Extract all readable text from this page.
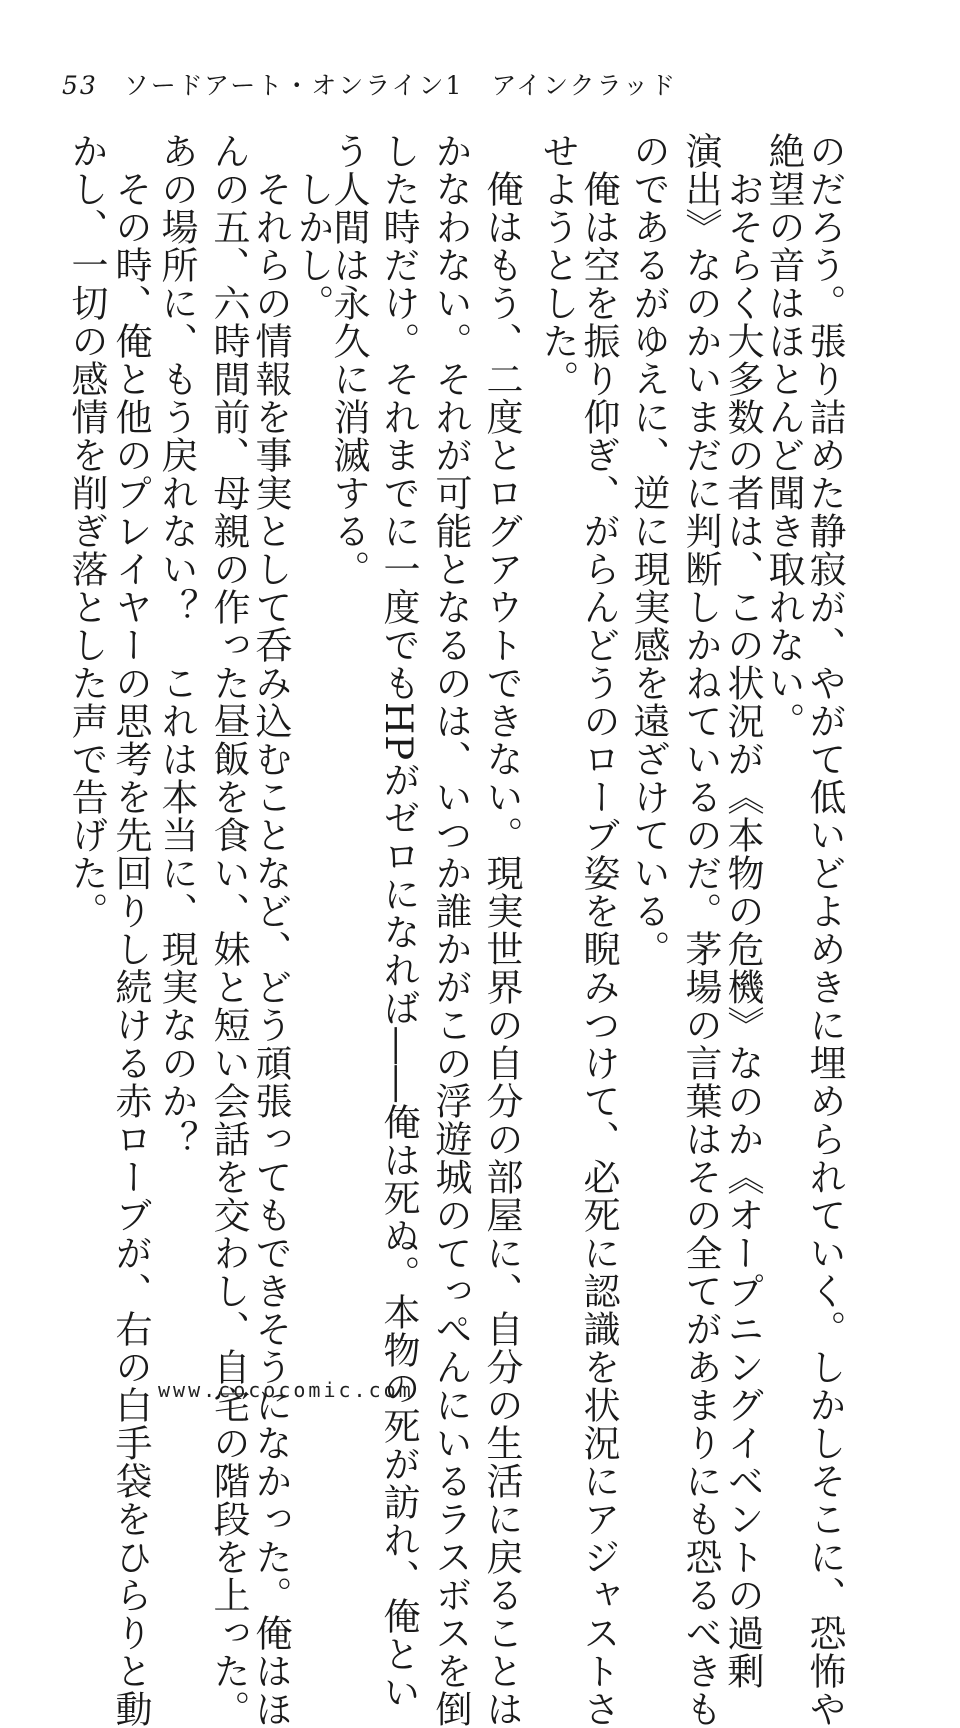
53 ソードアート・オンライン1 アインクラッド
のだろう。張り詰めた静寂が、やがて低いどよめきに埋められていく。しかしそこに、恐怖や
絶望の音はほとんど聞き取れない。
おそらく大多数の者は、この状況が《本物の危機》なのか《オープニングイベントの過剰
演出》なのかいまだに判断しかねているのだ。茅場の言葉はその全てがあまりにも恐るべきも
のであるがゆえに、逆に現実感を遠ざけている。
俺は空を振り仰ぎ、がらんどうのローブ姿を睨みつけて、必死に認識を状況にアジャストさ
せようとした。
俺はもう、二度とログアウトできない。現実世界の自分の部屋に、自分の生活に戻ることは
かなわない。それが可能となるのは、いつか誰かがこの浮遊城のてっぺんにいるラスボスを倒
した時だけ。それまでに一度でもHPがゼロになれば――俺は死ぬ。本物の死が訪れ、俺とい
う人間は永久に消滅する。
しかし。
それらの情報を事実として呑み込むことなど、どう頑張ってもできそうになかった。俺はほ
んの五、六時間前、母親の作った昼飯を食い、妹と短い会話を交わし、自宅の階段を上った。
あの場所に、もう戻れない？　これは本当に、現実なのか？
その時、俺と他のプレイヤーの思考を先回りし続ける赤ローブが、右の白手袋をひらりと動
かし、一切の感情を削ぎ落とした声で告げた。
www.cococomic.com
